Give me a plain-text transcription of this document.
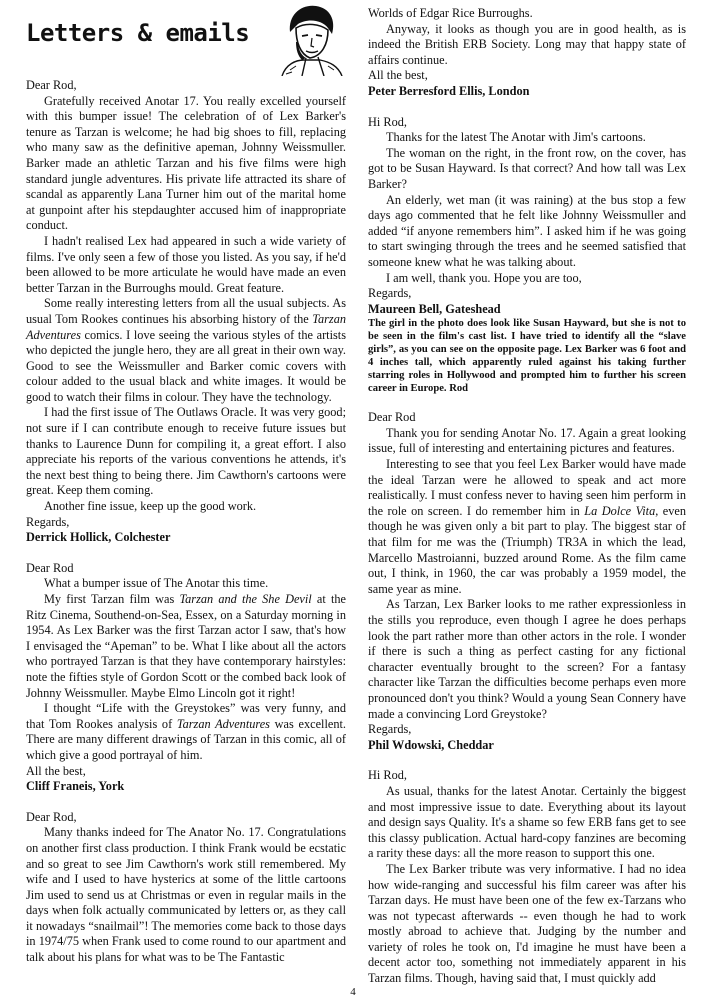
Letters & emails

Dear Rod,

Gratefully received Anotar 17. You really excelled yourself with this bumper issue! The celebration of of Lex Barker's tenure as Tarzan is welcome; he had big shoes to fill, replacing who many saw as the definitive apeman, Johnny Weissmuller. Barker made an athletic Tarzan and his five films were high standard jungle adventures. His private life attracted its share of scandal as apparently Lana Turner him out of the marital home at gunpoint after his stepdaughter accused him of inappropriate conduct.

I hadn't realised Lex had appeared in such a wide variety of films. I've only seen a few of those you listed. As you say, if he'd been allowed to be more articulate he would have made an even better Tarzan in the Burroughs mould. Great feature.

Some really interesting letters from all the usual subjects. As usual Tom Rookes continues his absorbing history of the Tarzan Adventures comics. I love seeing the various styles of the artists who depicted the jungle hero, they are all great in their own way. Good to see the Weissmuller and Barker comic covers with colour added to the usual black and white images. It would be good to watch their films in colour. They have the technology.

I had the first issue of The Outlaws Oracle. It was very good; not sure if I can contribute enough to receive future issues but thanks to Laurence Dunn for compiling it, a great effort. I also appreciate his reports of the various conventions he attends, it's the next best thing to being there. Jim Cawthorn's cartoons were great. Keep them coming.

Another fine issue, keep up the good work.

Regards,

Derrick Hollick, Colchester

Dear Rod

What a bumper issue of The Anotar this time.

My first Tarzan film was Tarzan and the She Devil at the Ritz Cinema, Southend-on-Sea, Essex, on a Saturday morning in 1954. As Lex Barker was the first Tarzan actor I saw, that's how I envisaged the “Apeman” to be. What I like about all the actors who portrayed Tarzan is that they have contemporary hairstyles: note the fifties style of Gordon Scott or the combed back look of Johnny Weissmuller. Maybe Elmo Lincoln got it right!

I thought “Life with the Greystokes” was very funny, and that Tom Rookes analysis of Tarzan Adventures was excellent. There are many different drawings of Tarzan in this comic, all of which give a good portrayal of him.

All the best,

Cliff Franeis, York

Dear Rod,

Many thanks indeed for The Anator No. 17. Congratulations on another first class production. I think Frank would be ecstatic and so great to see Jim Cawthorn's work still remembered. My wife and I used to have hysterics at some of the little cartoons Jim used to send us at Christmas or even in regular mails in the days when folk actually communicated by letters or, as they call it nowadays “snailmail”! The memories come back to those days in 1974/75 when Frank used to come round to our apartment and talk about his plans for what was to be The Fantastic

Worlds of Edgar Rice Burroughs.

Anyway, it looks as though you are in good health, as is indeed the British ERB Society. Long may that happy state of affairs continue.

All the best,

Peter Berresford Ellis, London

Hi Rod,

Thanks for the latest The Anotar with Jim's cartoons.

The woman on the right, in the front row, on the cover, has got to be Susan Hayward. Is that correct? And how tall was Lex Barker?

An elderly, wet man (it was raining) at the bus stop a few days ago commented that he felt like Johnny Weissmuller and added “if anyone remembers him”. I asked him if he was going to start swinging through the trees and he seemed satisfied that someone knew what he was talking about.

I am well, thank you. Hope you are too,

Regards,

Maureen Bell, Gateshead

The girl in the photo does look like Susan Hayward, but she is not to be seen in the film's cast list. I have tried to identify all the “slave girls”, as you can see on the opposite page. Lex Barker was 6 foot and 4 inches tall, which apparently ruled against his taking further starring roles in Hollywood and prompted him to further his screen career in Europe. Rod

Dear Rod

Thank you for sending Anotar No. 17. Again a great looking issue, full of interesting and entertaining pictures and features.

Interesting to see that you feel Lex Barker would have made the ideal Tarzan were he allowed to speak and act more realistically. I must confess never to having seen him perform in the role on screen. I do remember him in La Dolce Vita, even though he was given only a bit part to play. The biggest star of that film for me was the (Triumph) TR3A in which the lead, Marcello Mastroianni, buzzed around Rome. As the film came out, I think, in 1960, the car was probably a 1959 model, the same year as mine.

As Tarzan, Lex Barker looks to me rather expressionless in the stills you reproduce, even though I agree he does perhaps look the part rather more than other actors in the role. I wonder if there is such a thing as perfect casting for any fictional character eventually brought to the screen? For a fantasy character like Tarzan the difficulties become perhaps even more pronounced don't you think? Would a young Sean Connery have made a convincing Lord Greystoke?

Regards,

Phil Wdowski, Cheddar

Hi Rod,

As usual, thanks for the latest Anotar. Certainly the biggest and most impressive issue to date. Everything about its layout and design says Quality. It's a shame so few ERB fans get to see this classy publication. Actual hard-copy fanzines are becoming a rarity these days: all the more reason to support this one.

The Lex Barker tribute was very informative. I had no idea how wide-ranging and successful his film career was after his Tarzan days. He must have been one of the few ex-Tarzans who was not typecast afterwards -- even though he had to work mostly abroad to achieve that. Judging by the number and variety of roles he took on, I'd imagine he must have been a decent actor too, something not immediately apparent in his Tarzan films. Though, having said that, I must quickly add

4
